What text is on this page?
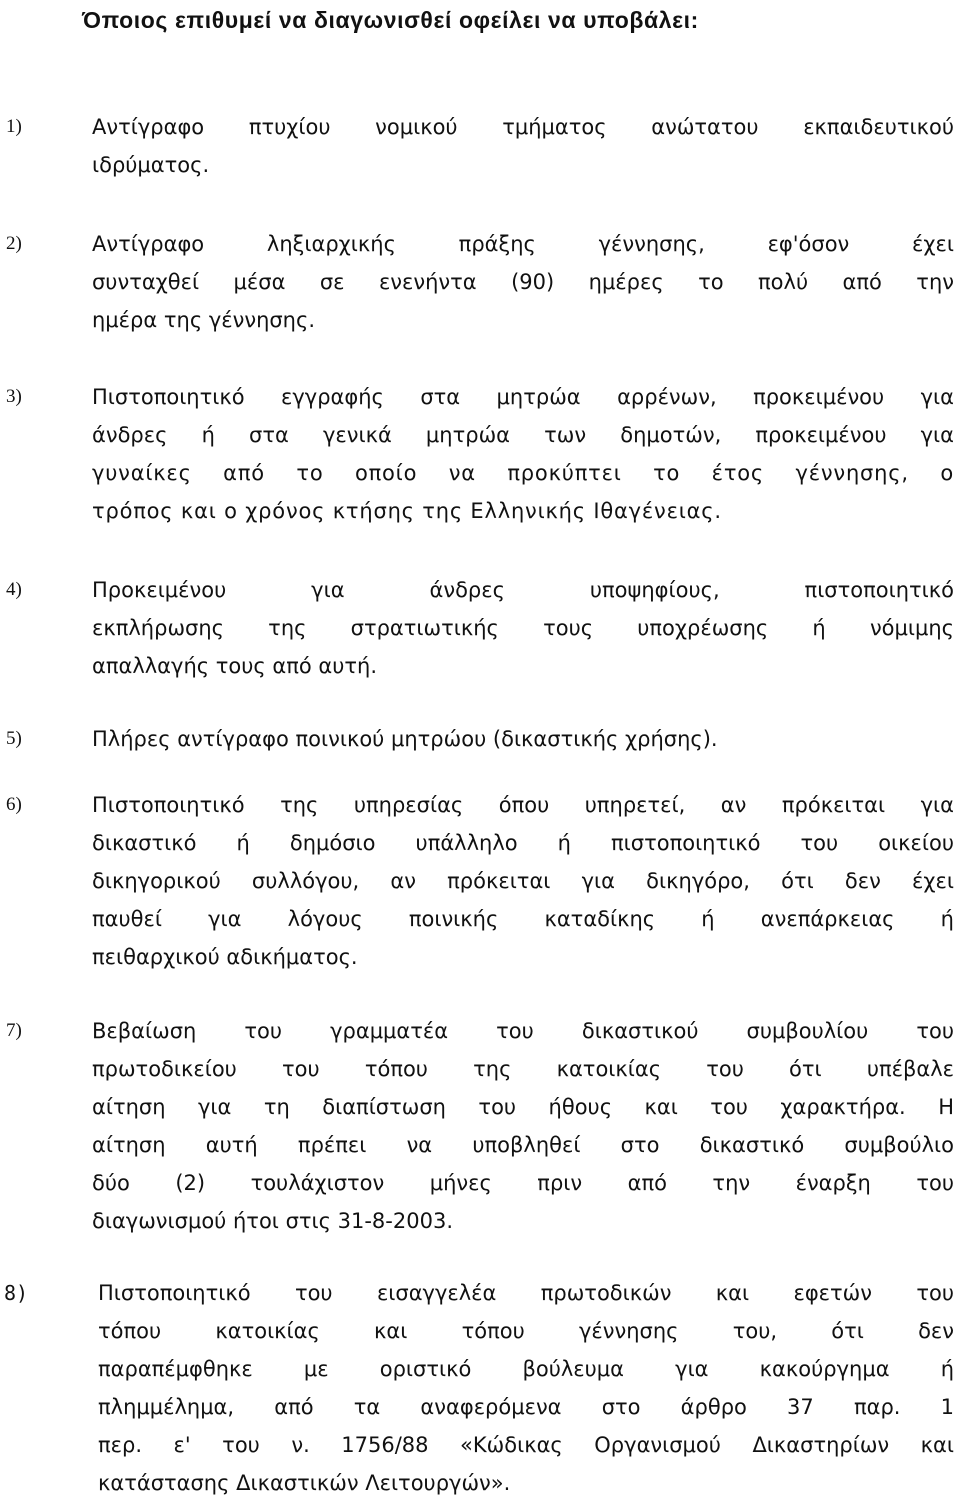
Όποιος επιθυμεί να διαγωνισθεί οφείλει να υποβάλει:
1)	Αντίγραφο πτυχίου νομικού τμήματος ανώτατου εκπαιδευτικού
ιδρύματος.
2)	Αντίγραφο ληξιαρχικής πράξης γέννησης, εφ'όσον έχει
συνταχθεί μέσα σε ενενήντα (90) ημέρες το πολύ από την
ημέρα της γέννησης.
3)	Πιστοποιητικό εγγραφής στα μητρώα αρρένων, προκειμένου για
άνδρες ή στα γενικά μητρώα των δημοτών, προκειμένου για
γυναίκες από το οποίο να προκύπτει το έτος γέννησης, ο
τρόπος και ο χρόνος κτήσης της Ελληνικής Ιθαγένειας.
4)	Προκειμένου για άνδρες υποψηφίους, πιστοποιητικό
εκπλήρωσης της στρατιωτικής τους υποχρέωσης ή νόμιμης
απαλλαγής τους από αυτή.
5)	Πλήρες αντίγραφο ποινικού μητρώου (δικαστικής χρήσης).
6)	Πιστοποιητικό της υπηρεσίας όπου υπηρετεί, αν πρόκειται για
δικαστικό ή δημόσιο υπάλληλο ή πιστοποιητικό του οικείου
δικηγορικού συλλόγου, αν πρόκειται για δικηγόρο, ότι δεν έχει
παυθεί για λόγους ποινικής καταδίκης ή ανεπάρκειας ή
πειθαρχικού αδικήματος.
7)	Βεβαίωση του γραμματέα του δικαστικού συμβουλίου του
πρωτοδικείου του τόπου της κατοικίας του ότι υπέβαλε
αίτηση για τη διαπίστωση του ήθους και του χαρακτήρα. Η
αίτηση αυτή πρέπει να υποβληθεί στο δικαστικό συμβούλιο
δύο (2) τουλάχιστον μήνες πριν από την έναρξη του
διαγωνισμού ήτοι στις 31-8-2003.
8)	Πιστοποιητικό του εισαγγελέα πρωτοδικών και εφετών του
τόπου κατοικίας και τόπου γέννησης του, ότι δεν
παραπέμφθηκε με οριστικό βούλευμα για κακούργημα ή
πλημμέλημα, από τα αναφερόμενα στο άρθρο 37 παρ. 1
περ. ε' του ν. 1756/88 «Κώδικας Οργανισμού Δικαστηρίων και
κατάστασης Δικαστικών Λειτουργών».
